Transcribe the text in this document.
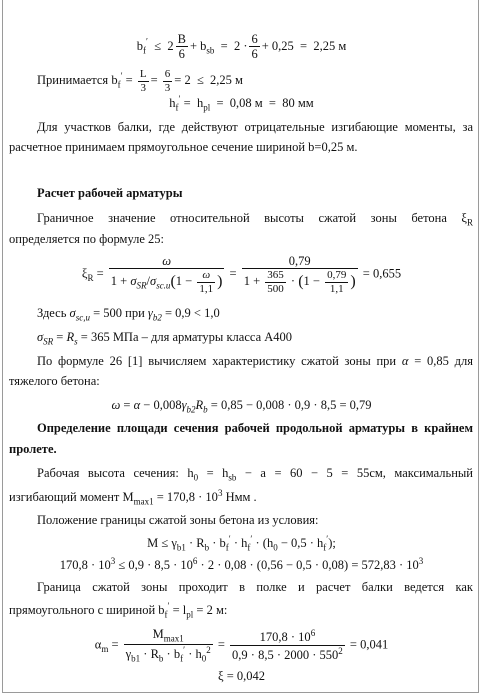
$b_f' \le 2 \frac{B}{6} + b_{sb} = 2 \cdot \frac{6}{6} + 0,25 = 2,25$ м
Принимается $b_f' = \frac{L}{3} = \frac{6}{3} = 2 \le 2,25$ м
$h_f' = h_{pl} = 0,08$ м  =  80 мм
Для участков балки, где действуют отрицательные изгибающие моменты, за
расчетное принимаем прямоугольное сечение шириной b=0,25 м.
Расчет рабочей арматуры
Граничное значение относительной высоты сжатой зоны бетона $\xi_R$
определяется по формуле 25:
$\xi_R = \frac{\omega}{1 + \sigma_{SR}/\sigma_{sc.u}(1 - \frac{\omega}{1,1} )} = \frac{0,79}{1 + \frac{365}{500} \cdot (1 - \frac{0,79}{1,1} )} = 0,655$
Здесь $\sigma_{sc,u} = 500$ при $\gamma_{b2} = 0,9 < 1,0$
$\sigma_{SR} = R_s = 365$ МПа – для арматуры класса А400
По формуле 26 [1] вычисляем характеристику сжатой зоны при α = 0,85 для
тяжелого бетона:
$\omega = \alpha - 0,008\gamma_{b2}R_b = 0,85 - 0,008 \cdot 0,9 \cdot 8,5 = 0,79$
Определение площади сечения рабочей продольной арматуры в крайнем
пролете.
Рабочая высота сечения: $h_0 = h_{sb} - a = 60 - 5 = 55см$, максимальный
изгибающий момент $M_{max1} = 170,8 \cdot 10^3$ Нмм .
Положение границы сжатой зоны бетона из условия:
$M \le \gamma_{b1} \cdot R_b \cdot b_f' \cdot h_f' \cdot (h_0 - 0,5 \cdot h_f')$;
$170,8 \cdot 10^3 \le 0,9 \cdot 8,5 \cdot 10^6 \cdot 2 \cdot 0,08 \cdot (0,56 - 0,5 \cdot 0,08) = 572,83 \cdot 10^3$
Граница сжатой зоны проходит в полке и расчет балки ведется как
прямоугольного с шириной $b_f' = l_{pl} = 2$ м:
$\alpha_m = \frac{M_{max1}}{\gamma_{b1} \cdot R_b \cdot b_f' \cdot h_0^2} = \frac{170,8 \cdot 10^6}{0,9 \cdot 8,5 \cdot 2000 \cdot 550^2} = 0,041$
ξ = 0,042
